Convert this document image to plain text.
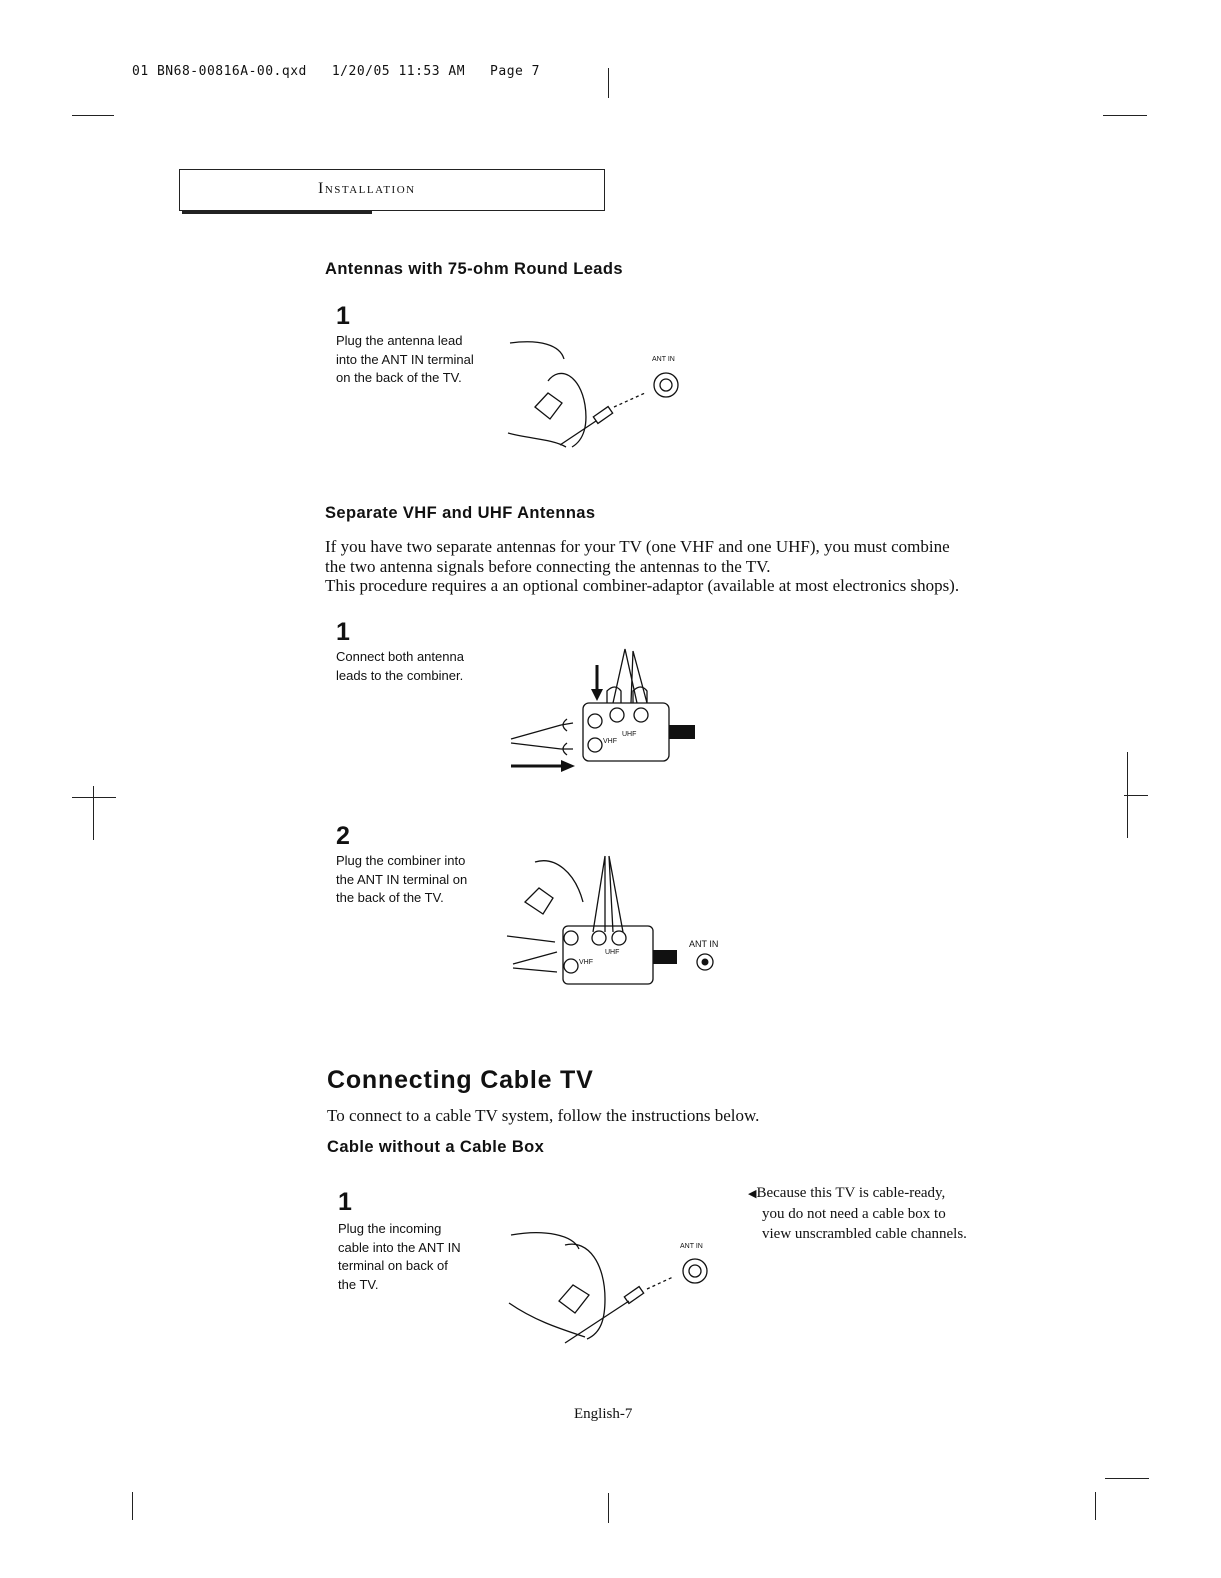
01 BN68-00816A-00.qxd   1/20/05 11:53 AM   Page 7
Installation
Antennas with 75-ohm Round Leads
1
Plug the antenna lead
into the ANT IN terminal
on the back of the TV.
ANT IN
Separate VHF and UHF Antennas
If you have two separate antennas for your TV (one VHF and one UHF), you must combine
the two antenna signals before connecting the antennas to the TV.
This procedure requires a an optional combiner-adaptor (available at most electronics shops).
1
Connect both antenna
leads to the combiner.
VHF
UHF
2
Plug the combiner into
the ANT IN terminal on
the back of the TV.
VHF
UHF
ANT IN
Connecting Cable TV
To connect to a cable TV system, follow the instructions below.
Cable without a Cable Box
1
Plug the incoming
cable into the ANT IN
terminal on back of
the TV.
ANT IN
◀Because this TV is cable-ready,
you do not need a cable box to
view unscrambled cable channels.
English-7
